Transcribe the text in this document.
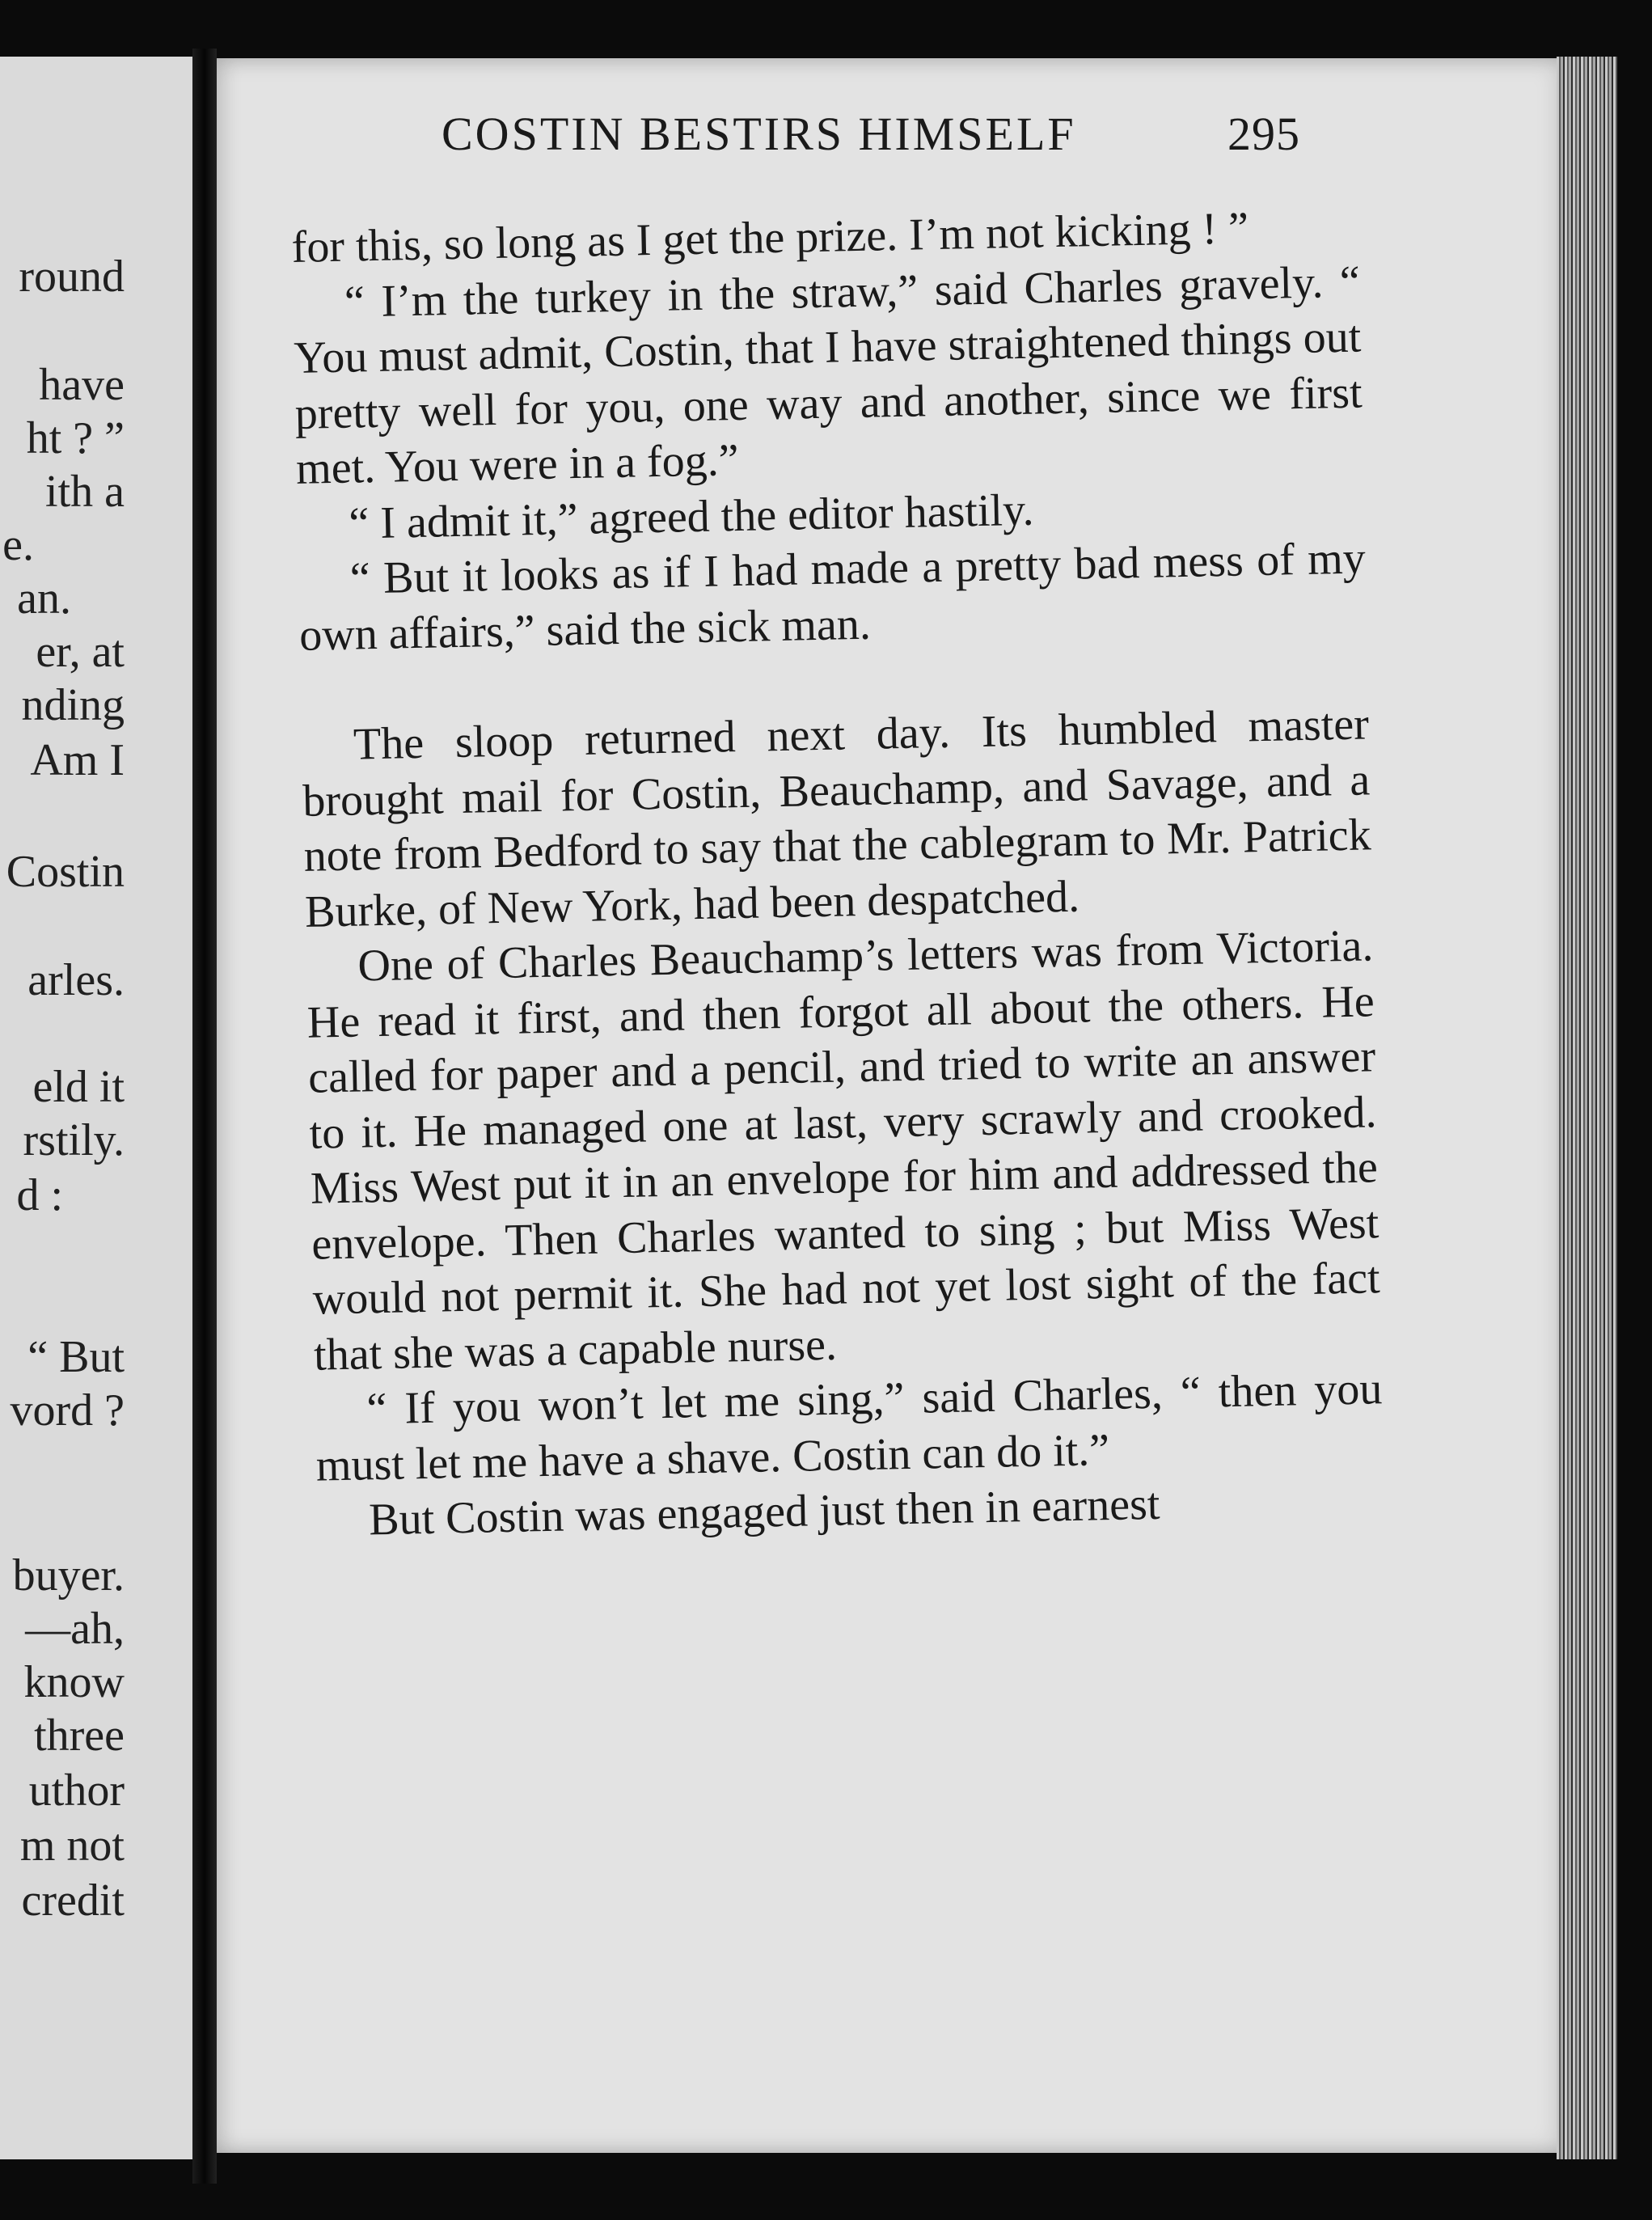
round
have
ht ? ”
ith a
e.
an.
er, at
nding
Am I
Costin
arles.
eld it
rstily.
d :
“ But
vord ?
buyer.
—ah,
know
three
uthor
m not
credit
COSTIN BESTIRS HIMSELF	295

for this, so long as I get the prize. I’m not kicking ! ”

“ I’m the turkey in the straw,” said Charles gravely. “ You must admit, Costin, that I have straightened things out pretty well for you, one way and another, since we first met. You were in a fog.”

“ I admit it,” agreed the editor hastily.

“ But it looks as if I had made a pretty bad mess of my own affairs,” said the sick man.

The sloop returned next day. Its humbled master brought mail for Costin, Beauchamp, and Savage, and a note from Bedford to say that the cablegram to Mr. Patrick Burke, of New York, had been despatched.

One of Charles Beauchamp’s letters was from Victoria. He read it first, and then forgot all about the others. He called for paper and a pencil, and tried to write an answer to it. He managed one at last, very scrawly and crooked. Miss West put it in an envelope for him and addressed the envelope. Then Charles wanted to sing ; but Miss West would not permit it. She had not yet lost sight of the fact that she was a capable nurse.

“ If you won’t let me sing,” said Charles, “ then you must let me have a shave. Costin can do it.”

But Costin was engaged just then in earnest
